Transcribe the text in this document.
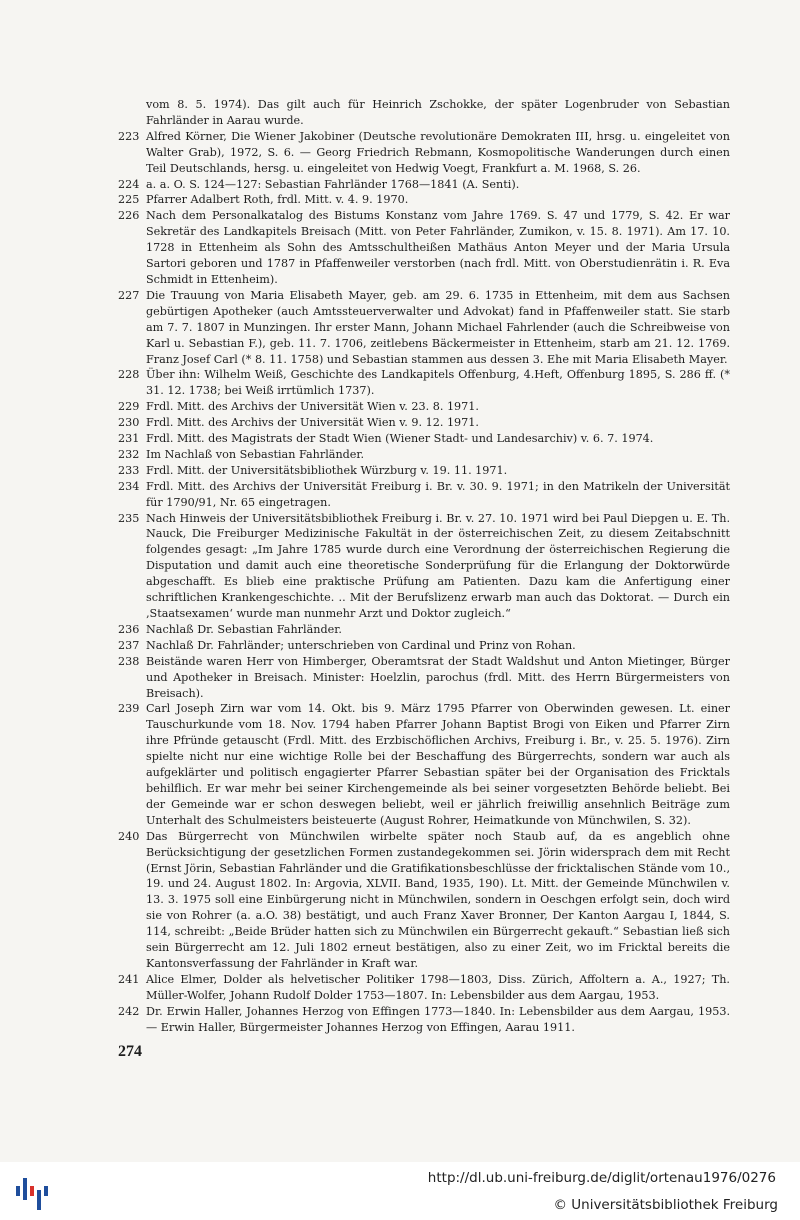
vom 8. 5. 1974). Das gilt auch für Heinrich Zschokke, der später Logenbruder von Sebastian Fahrländer in Aarau wurde.

223 Alfred Körner, Die Wiener Jakobiner (Deutsche revolutionäre Demokraten III, hrsg. u. eingeleitet von Walter Grab), 1972, S. 6. — Georg Friedrich Rebmann, Kosmopolitische Wanderungen durch einen Teil Deutschlands, hersg. u. eingeleitet von Hedwig Voegt, Frankfurt a. M. 1968, S. 26.

224 a. a. O. S. 124—127: Sebastian Fahrländer 1768—1841 (A. Senti).

225 Pfarrer Adalbert Roth, frdl. Mitt. v. 4. 9. 1970.

226 Nach dem Personalkatalog des Bistums Konstanz vom Jahre 1769. S. 47 und 1779, S. 42. Er war Sekretär des Landkapitels Breisach (Mitt. von Peter Fahrländer, Zumikon, v. 15. 8. 1971). Am 17. 10. 1728 in Ettenheim als Sohn des Amtsschultheißen Mathäus Anton Meyer und der Maria Ursula Sartori geboren und 1787 in Pfaffenweiler verstorben (nach frdl. Mitt. von Oberstudienrätin i. R. Eva Schmidt in Ettenheim).

227 Die Trauung von Maria Elisabeth Mayer, geb. am 29. 6. 1735 in Ettenheim, mit dem aus Sachsen gebürtigen Apotheker (auch Amtssteuerverwalter und Advokat) fand in Pfaffenweiler statt. Sie starb am 7. 7. 1807 in Munzingen. Ihr erster Mann, Johann Michael Fahrlender (auch die Schreibweise von Karl u. Sebastian F.), geb. 11. 7. 1706, zeitlebens Bäckermeister in Ettenheim, starb am 21. 12. 1769. Franz Josef Carl (* 8. 11. 1758) und Sebastian stammen aus dessen 3. Ehe mit Maria Elisabeth Mayer.

228 Über ihn: Wilhelm Weiß, Geschichte des Landkapitels Offenburg, 4.Heft, Offenburg 1895, S. 286 ff. (* 31. 12. 1738; bei Weiß irrtümlich 1737).

229 Frdl. Mitt. des Archivs der Universität Wien v. 23. 8. 1971.

230 Frdl. Mitt. des Archivs der Universität Wien v. 9. 12. 1971.

231 Frdl. Mitt. des Magistrats der Stadt Wien (Wiener Stadt- und Landesarchiv) v. 6. 7. 1974.

232 Im Nachlaß von Sebastian Fahrländer.

233 Frdl. Mitt. der Universitätsbibliothek Würzburg v. 19. 11. 1971.

234 Frdl. Mitt. des Archivs der Universität Freiburg i. Br. v. 30. 9. 1971; in den Matrikeln der Universität für 1790/91, Nr. 65 eingetragen.

235 Nach Hinweis der Universitätsbibliothek Freiburg i. Br. v. 27. 10. 1971 wird bei Paul Diepgen u. E. Th. Nauck, Die Freiburger Medizinische Fakultät in der österreichischen Zeit, zu diesem Zeitabschnitt folgendes gesagt: „Im Jahre 1785 wurde durch eine Verordnung der österreichischen Regierung die Disputation und damit auch eine theoretische Sonderprüfung für die Erlangung der Doktorwürde abgeschafft. Es blieb eine praktische Prüfung am Patienten. Dazu kam die Anfertigung einer schriftlichen Krankengeschichte. .. Mit der Berufslizenz erwarb man auch das Doktorat. — Durch ein ‚Staatsexamen‘ wurde man nunmehr Arzt und Doktor zugleich.“

236 Nachlaß Dr. Sebastian Fahrländer.

237 Nachlaß Dr. Fahrländer; unterschrieben von Cardinal und Prinz von Rohan.

238 Beistände waren Herr von Himberger, Oberamtsrat der Stadt Waldshut und Anton Mietinger, Bürger und Apotheker in Breisach. Minister: Hoelzlin, parochus (frdl. Mitt. des Herrn Bürgermeisters von Breisach).

239 Carl Joseph Zirn war vom 14. Okt. bis 9. März 1795 Pfarrer von Oberwinden gewesen. Lt. einer Tauschurkunde vom 18. Nov. 1794 haben Pfarrer Johann Baptist Brogi von Eiken und Pfarrer Zirn ihre Pfründe getauscht (Frdl. Mitt. des Erzbischöflichen Archivs, Freiburg i. Br., v. 25. 5. 1976). Zirn spielte nicht nur eine wichtige Rolle bei der Beschaffung des Bürgerrechts, sondern war auch als aufgeklärter und politisch engagierter Pfarrer Sebastian später bei der Organisation des Fricktals behilflich. Er war mehr bei seiner Kirchengemeinde als bei seiner vorgesetzten Behörde beliebt. Bei der Gemeinde war er schon deswegen beliebt, weil er jährlich freiwillig ansehnlich Beiträge zum Unterhalt des Schulmeisters beisteuerte (August Rohrer, Heimatkunde von Münchwilen, S. 32).

240 Das Bürgerrecht von Münchwilen wirbelte später noch Staub auf, da es angeblich ohne Berücksichtigung der gesetzlichen Formen zustandegekommen sei. Jörin widersprach dem mit Recht (Ernst Jörin, Sebastian Fahrländer und die Gratifikationsbeschlüsse der fricktalischen Stände vom 10., 19. und 24. August 1802. In: Argovia, XLVII. Band, 1935, 190). Lt. Mitt. der Gemeinde Münchwilen v. 13. 3. 1975 soll eine Einbürgerung nicht in Münchwilen, sondern in Oeschgen erfolgt sein, doch wird sie von Rohrer (a. a.O. 38) bestätigt, und auch Franz Xaver Bronner, Der Kanton Aargau I, 1844, S. 114, schreibt: „Beide Brüder hatten sich zu Münchwilen ein Bürgerrecht gekauft.“ Sebastian ließ sich sein Bürgerrecht am 12. Juli 1802 erneut bestätigen, also zu einer Zeit, wo im Fricktal bereits die Kantonsverfassung der Fahrländer in Kraft war.

241 Alice Elmer, Dolder als helvetischer Politiker 1798—1803, Diss. Zürich, Affoltern a. A., 1927; Th. Müller-Wolfer, Johann Rudolf Dolder 1753—1807. In: Lebensbilder aus dem Aargau, 1953.

242 Dr. Erwin Haller, Johannes Herzog von Effingen 1773—1840. In: Lebensbilder aus dem Aargau, 1953. — Erwin Haller, Bürgermeister Johannes Herzog von Effingen, Aarau 1911.

274
http://dl.ub.uni-freiburg.de/diglit/ortenau1976/0276
© Universitätsbibliothek Freiburg
